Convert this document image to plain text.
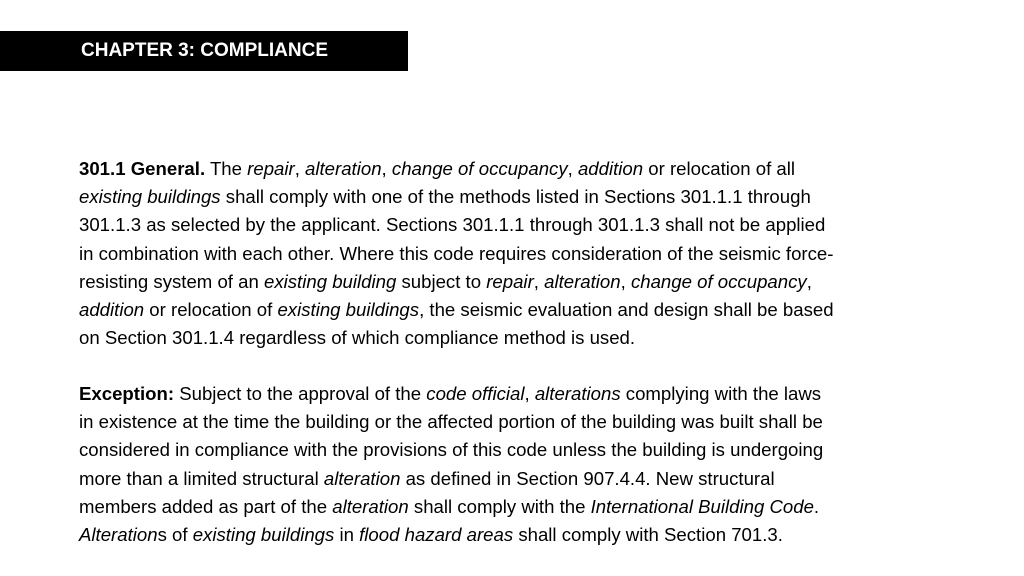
CHAPTER 3: COMPLIANCE

301.1 General. The repair, alteration, change of occupancy, addition or relocation of all
existing buildings shall comply with one of the methods listed in Sections 301.1.1 through
301.1.3 as selected by the applicant. Sections 301.1.1 through 301.1.3 shall not be applied
in combination with each other. Where this code requires consideration of the seismic force-
resisting system of an existing building subject to repair, alteration, change of occupancy,
addition or relocation of existing buildings, the seismic evaluation and design shall be based
on Section 301.1.4 regardless of which compliance method is used.

Exception: Subject to the approval of the code official, alterations complying with the laws
in existence at the time the building or the affected portion of the building was built shall be
considered in compliance with the provisions of this code unless the building is undergoing
more than a limited structural alteration as defined in Section 907.4.4. New structural
members added as part of the alteration shall comply with the International Building Code.
Alterations of existing buildings in flood hazard areas shall comply with Section 701.3.
